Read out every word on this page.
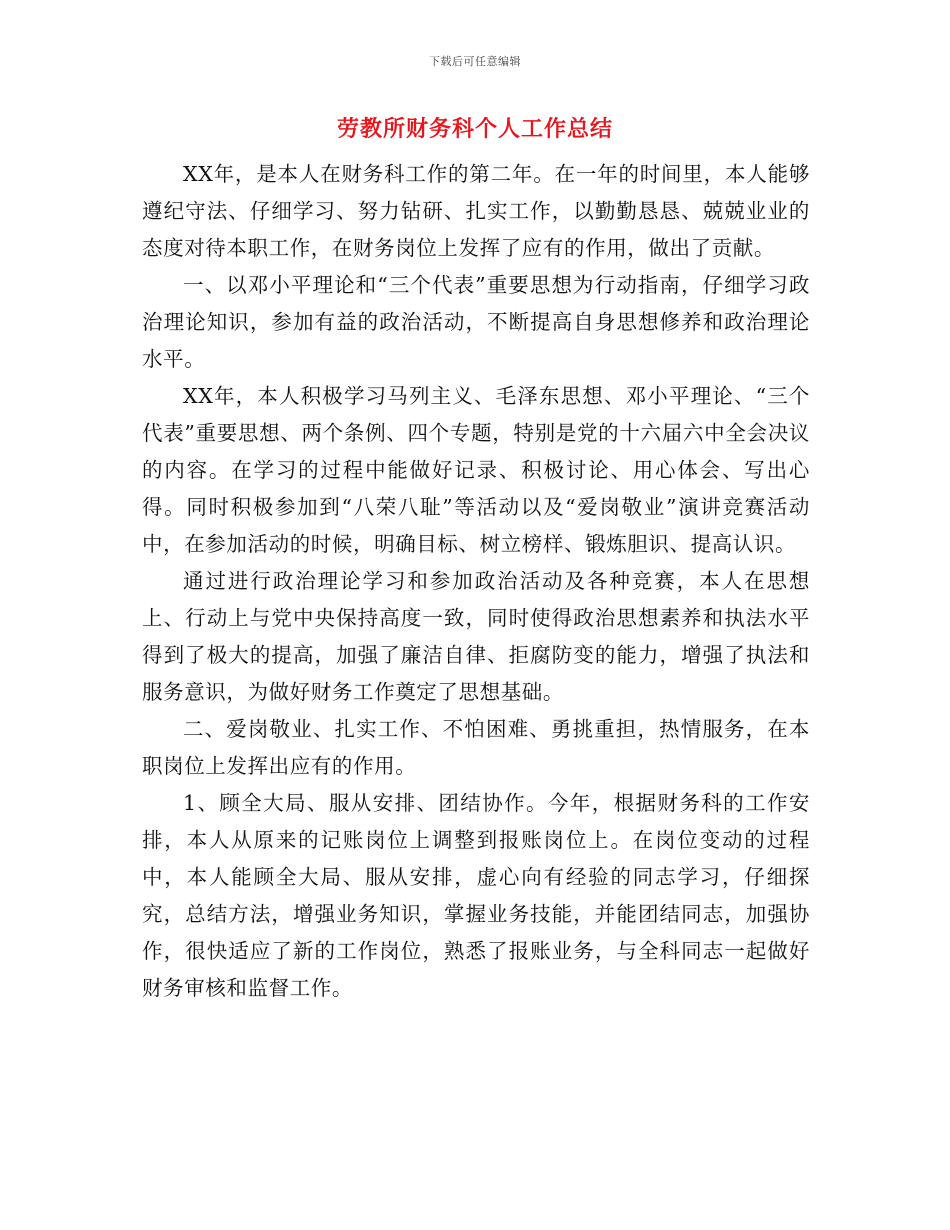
下载后可任意编辑
劳教所财务科个人工作总结

XX年，是本人在财务科工作的第二年。在一年的时间里，本人能够遵纪守法、仔细学习、努力钻研、扎实工作，以勤勤恳恳、兢兢业业的态度对待本职工作，在财务岗位上发挥了应有的作用，做出了贡献。

一、以邓小平理论和“三个代表”重要思想为行动指南，仔细学习政治理论知识，参加有益的政治活动，不断提高自身思想修养和政治理论水平。

XX年，本人积极学习马列主义、毛泽东思想、邓小平理论、“三个代表”重要思想、两个条例、四个专题，特别是党的十六届六中全会决议的内容。在学习的过程中能做好记录、积极讨论、用心体会、写出心得。同时积极参加到“八荣八耻”等活动以及“爱岗敬业”演讲竞赛活动中，在参加活动的时候，明确目标、树立榜样、锻炼胆识、提高认识。

通过进行政治理论学习和参加政治活动及各种竞赛，本人在思想上、行动上与党中央保持高度一致，同时使得政治思想素养和执法水平得到了极大的提高，加强了廉洁自律、拒腐防变的能力，增强了执法和服务意识，为做好财务工作奠定了思想基础。

二、爱岗敬业、扎实工作、不怕困难、勇挑重担，热情服务，在本职岗位上发挥出应有的作用。

1、顾全大局、服从安排、团结协作。今年，根据财务科的工作安排，本人从原来的记账岗位上调整到报账岗位上。在岗位变动的过程中，本人能顾全大局、服从安排，虚心向有经验的同志学习，仔细探究，总结方法，增强业务知识，掌握业务技能，并能团结同志，加强协作，很快适应了新的工作岗位，熟悉了报账业务，与全科同志一起做好财务审核和监督工作。
